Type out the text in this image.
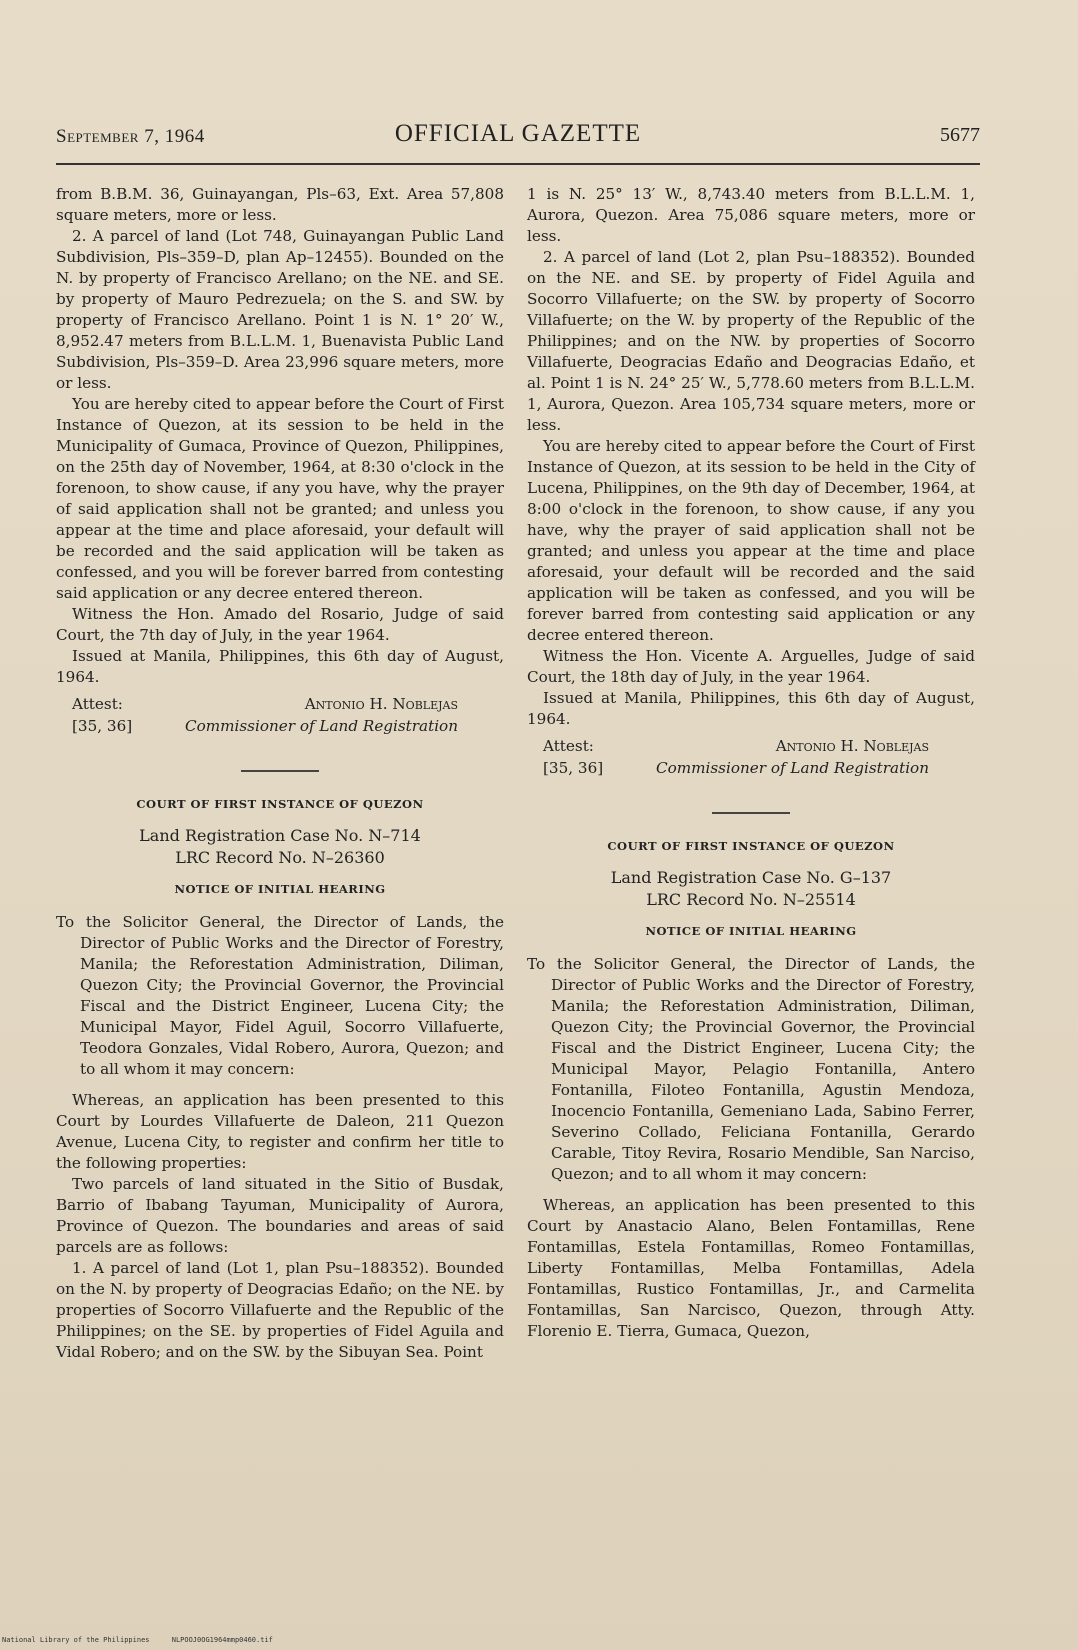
September 7, 1964	OFFICIAL GAZETTE	5677

from B.B.M. 36, Guinayangan, Pls–63, Ext. Area 57,808 square meters, more or less.

2. A parcel of land (Lot 748, Guinayangan Public Land Subdivision, Pls–359–D, plan Ap–12455). Bounded on the N. by property of Francisco Arellano; on the NE. and SE. by property of Mauro Pedrezuela; on the S. and SW. by property of Francisco Arellano. Point 1 is N. 1° 20′ W., 8,952.47 meters from B.L.L.M. 1, Buenavista Public Land Subdivision, Pls–359–D. Area 23,996 square meters, more or less.

You are hereby cited to appear before the Court of First Instance of Quezon, at its session to be held in the Municipality of Gumaca, Province of Quezon, Philippines, on the 25th day of November, 1964, at 8:30 o'clock in the forenoon, to show cause, if any you have, why the prayer of said application shall not be granted; and unless you appear at the time and place aforesaid, your default will be recorded and the said application will be taken as confessed, and you will be forever barred from contesting said application or any decree entered thereon.

Witness the Hon. Amado del Rosario, Judge of said Court, the 7th day of July, in the year 1964.

Issued at Manila, Philippines, this 6th day of August, 1964.

Attest:
[35, 36]
Antonio H. Noblejas
Commissioner of Land Registration
COURT OF FIRST INSTANCE OF QUEZON
Land Registration Case No. N–714
LRC Record No. N–26360
NOTICE OF INITIAL HEARING

To the Solicitor General, the Director of Lands, the Director of Public Works and the Director of Forestry, Manila; the Reforestation Administration, Diliman, Quezon City; the Provincial Governor, the Provincial Fiscal and the District Engineer, Lucena City; the Municipal Mayor, Fidel Aguil, Socorro Villafuerte, Teodora Gonzales, Vidal Robero, Aurora, Quezon; and to all whom it may concern:

Whereas, an application has been presented to this Court by Lourdes Villafuerte de Daleon, 211 Quezon Avenue, Lucena City, to register and confirm her title to the following properties:

Two parcels of land situated in the Sitio of Busdak, Barrio of Ibabang Tayuman, Municipality of Aurora, Province of Quezon. The boundaries and areas of said parcels are as follows:

1. A parcel of land (Lot 1, plan Psu–188352). Bounded on the N. by property of Deogracias Edaño; on the NE. by properties of Socorro Villafuerte and the Republic of the Philippines; on the SE. by properties of Fidel Aguila and Vidal Robero; and on the SW. by the Sibuyan Sea. Point

1 is N. 25° 13′ W., 8,743.40 meters from B.L.L.M. 1, Aurora, Quezon. Area 75,086 square meters, more or less.

2. A parcel of land (Lot 2, plan Psu–188352). Bounded on the NE. and SE. by property of Fidel Aguila and Socorro Villafuerte; on the SW. by property of Socorro Villafuerte; on the W. by property of the Republic of the Philippines; and on the NW. by properties of Socorro Villafuerte, Deogracias Edaño and Deogracias Edaño, et al. Point 1 is N. 24° 25′ W., 5,778.60 meters from B.L.L.M. 1, Aurora, Quezon. Area 105,734 square meters, more or less.

You are hereby cited to appear before the Court of First Instance of Quezon, at its session to be held in the City of Lucena, Philippines, on the 9th day of December, 1964, at 8:00 o'clock in the forenoon, to show cause, if any you have, why the prayer of said application shall not be granted; and unless you appear at the time and place aforesaid, your default will be recorded and the said application will be taken as confessed, and you will be forever barred from contesting said application or any decree entered thereon.

Witness the Hon. Vicente A. Arguelles, Judge of said Court, the 18th day of July, in the year 1964.

Issued at Manila, Philippines, this 6th day of August, 1964.

Attest:
[35, 36]
Antonio H. Noblejas
Commissioner of Land Registration
COURT OF FIRST INSTANCE OF QUEZON
Land Registration Case No. G–137
LRC Record No. N–25514
NOTICE OF INITIAL HEARING

To the Solicitor General, the Director of Lands, the Director of Public Works and the Director of Forestry, Manila; the Reforestation Administration, Diliman, Quezon City; the Provincial Governor, the Provincial Fiscal and the District Engineer, Lucena City; the Municipal Mayor, Pelagio Fontanilla, Antero Fontanilla, Filoteo Fontanilla, Agustin Mendoza, Inocencio Fontanilla, Gemeniano Lada, Sabino Ferrer, Severino Collado, Feliciana Fontanilla, Gerardo Carable, Titoy Revira, Rosario Mendible, San Narciso, Quezon; and to all whom it may concern:

Whereas, an application has been presented to this Court by Anastacio Alano, Belen Fontamillas, Rene Fontamillas, Estela Fontamillas, Romeo Fontamillas, Liberty Fontamillas, Melba Fontamillas, Adela Fontamillas, Rustico Fontamillas, Jr., and Carmelita Fontamillas, San Narcisco, Quezon, through Atty. Florenio E. Tierra, Gumaca, Quezon,

National Library of the Philippines	NLPOOJ0OG1964mmp0460.tif
